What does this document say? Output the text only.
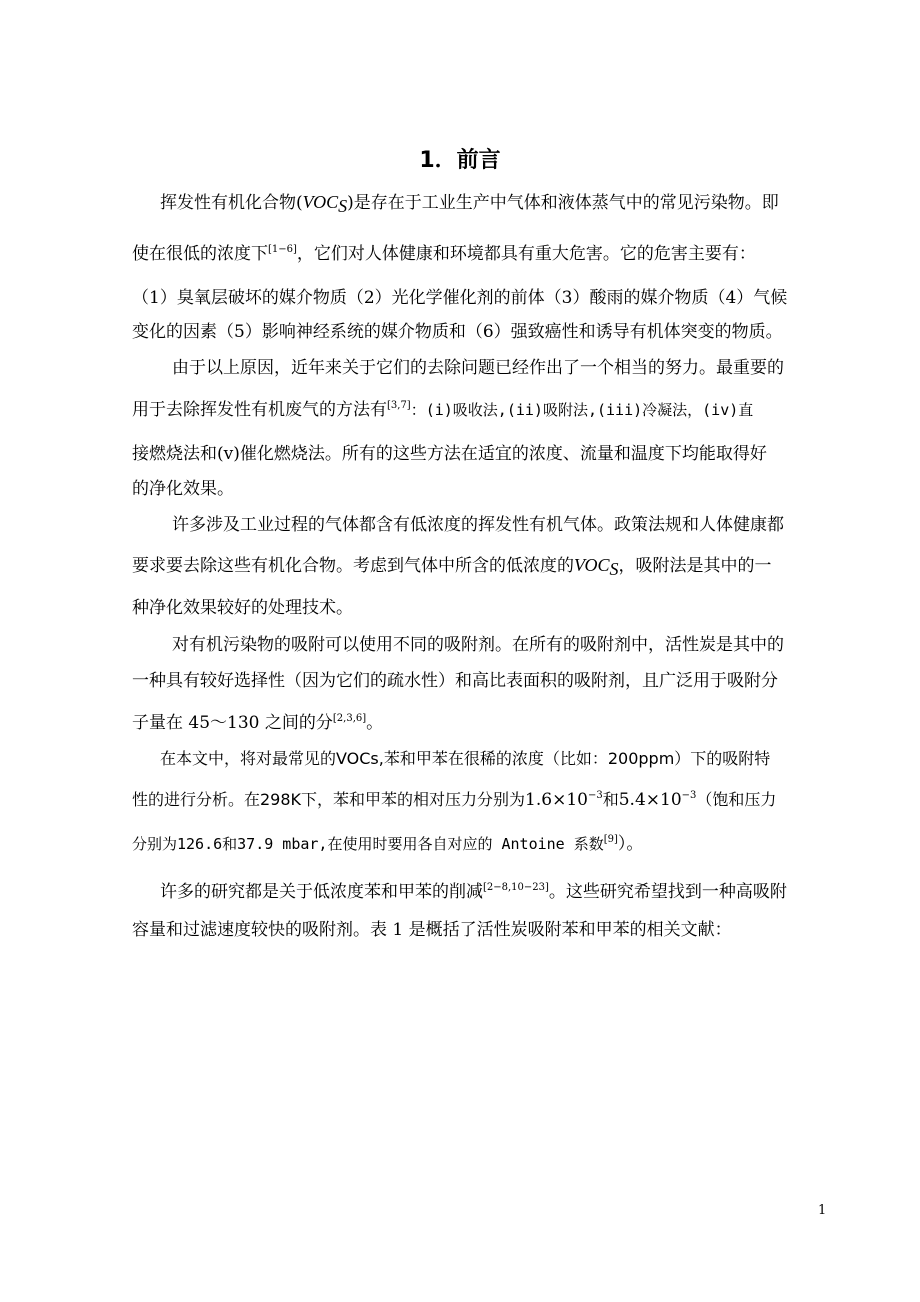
1．前言
挥发性有机化合物$(VOC_S)$是存在于工业生产中气体和液体蒸气中的常见污染物。即
使在很低的浓度下[1−6]，它们对人体健康和环境都具有重大危害。它的危害主要有：
（1）臭氧层破坏的媒介物质（2）光化学催化剂的前体（3）酸雨的媒介物质（4）气候
变化的因素（5）影响神经系统的媒介物质和（6）强致癌性和诱导有机体突变的物质。
由于以上原因，近年来关于它们的去除问题已经作出了一个相当的努力。最重要的
用于去除挥发性有机废气的方法有[3,7]：(i)吸收法,(ii)吸附法,(iii)冷凝法，(iv)直
接燃烧法和(v)催化燃烧法。所有的这些方法在适宜的浓度、流量和温度下均能取得好
的净化效果。
许多涉及工业过程的气体都含有低浓度的挥发性有机气体。政策法规和人体健康都
要求要去除这些有机化合物。考虑到气体中所含的低浓度的$VOC_S$，吸附法是其中的一
种净化效果较好的处理技术。
对有机污染物的吸附可以使用不同的吸附剂。在所有的吸附剂中，活性炭是其中的
一种具有较好选择性（因为它们的疏水性）和高比表面积的吸附剂，且广泛用于吸附分
子量在 45～130 之间的分[2,3,6]。
在本文中，将对最常见的VOCs,苯和甲苯在很稀的浓度（比如：200ppm）下的吸附特
性的进行分析。在298K下，苯和甲苯的相对压力分别为$1.6\times 10^{-3}$和$5.4\times 10^{-3}$（饱和压力
分别为126.6和37.9 mbar,在使用时要用各自对应的 Antoine 系数[9]）。
许多的研究都是关于低浓度苯和甲苯的削减[2−8,10−23]。这些研究希望找到一种高吸附
容量和过滤速度较快的吸附剂。表 1 是概括了活性炭吸附苯和甲苯的相关文献：
1
